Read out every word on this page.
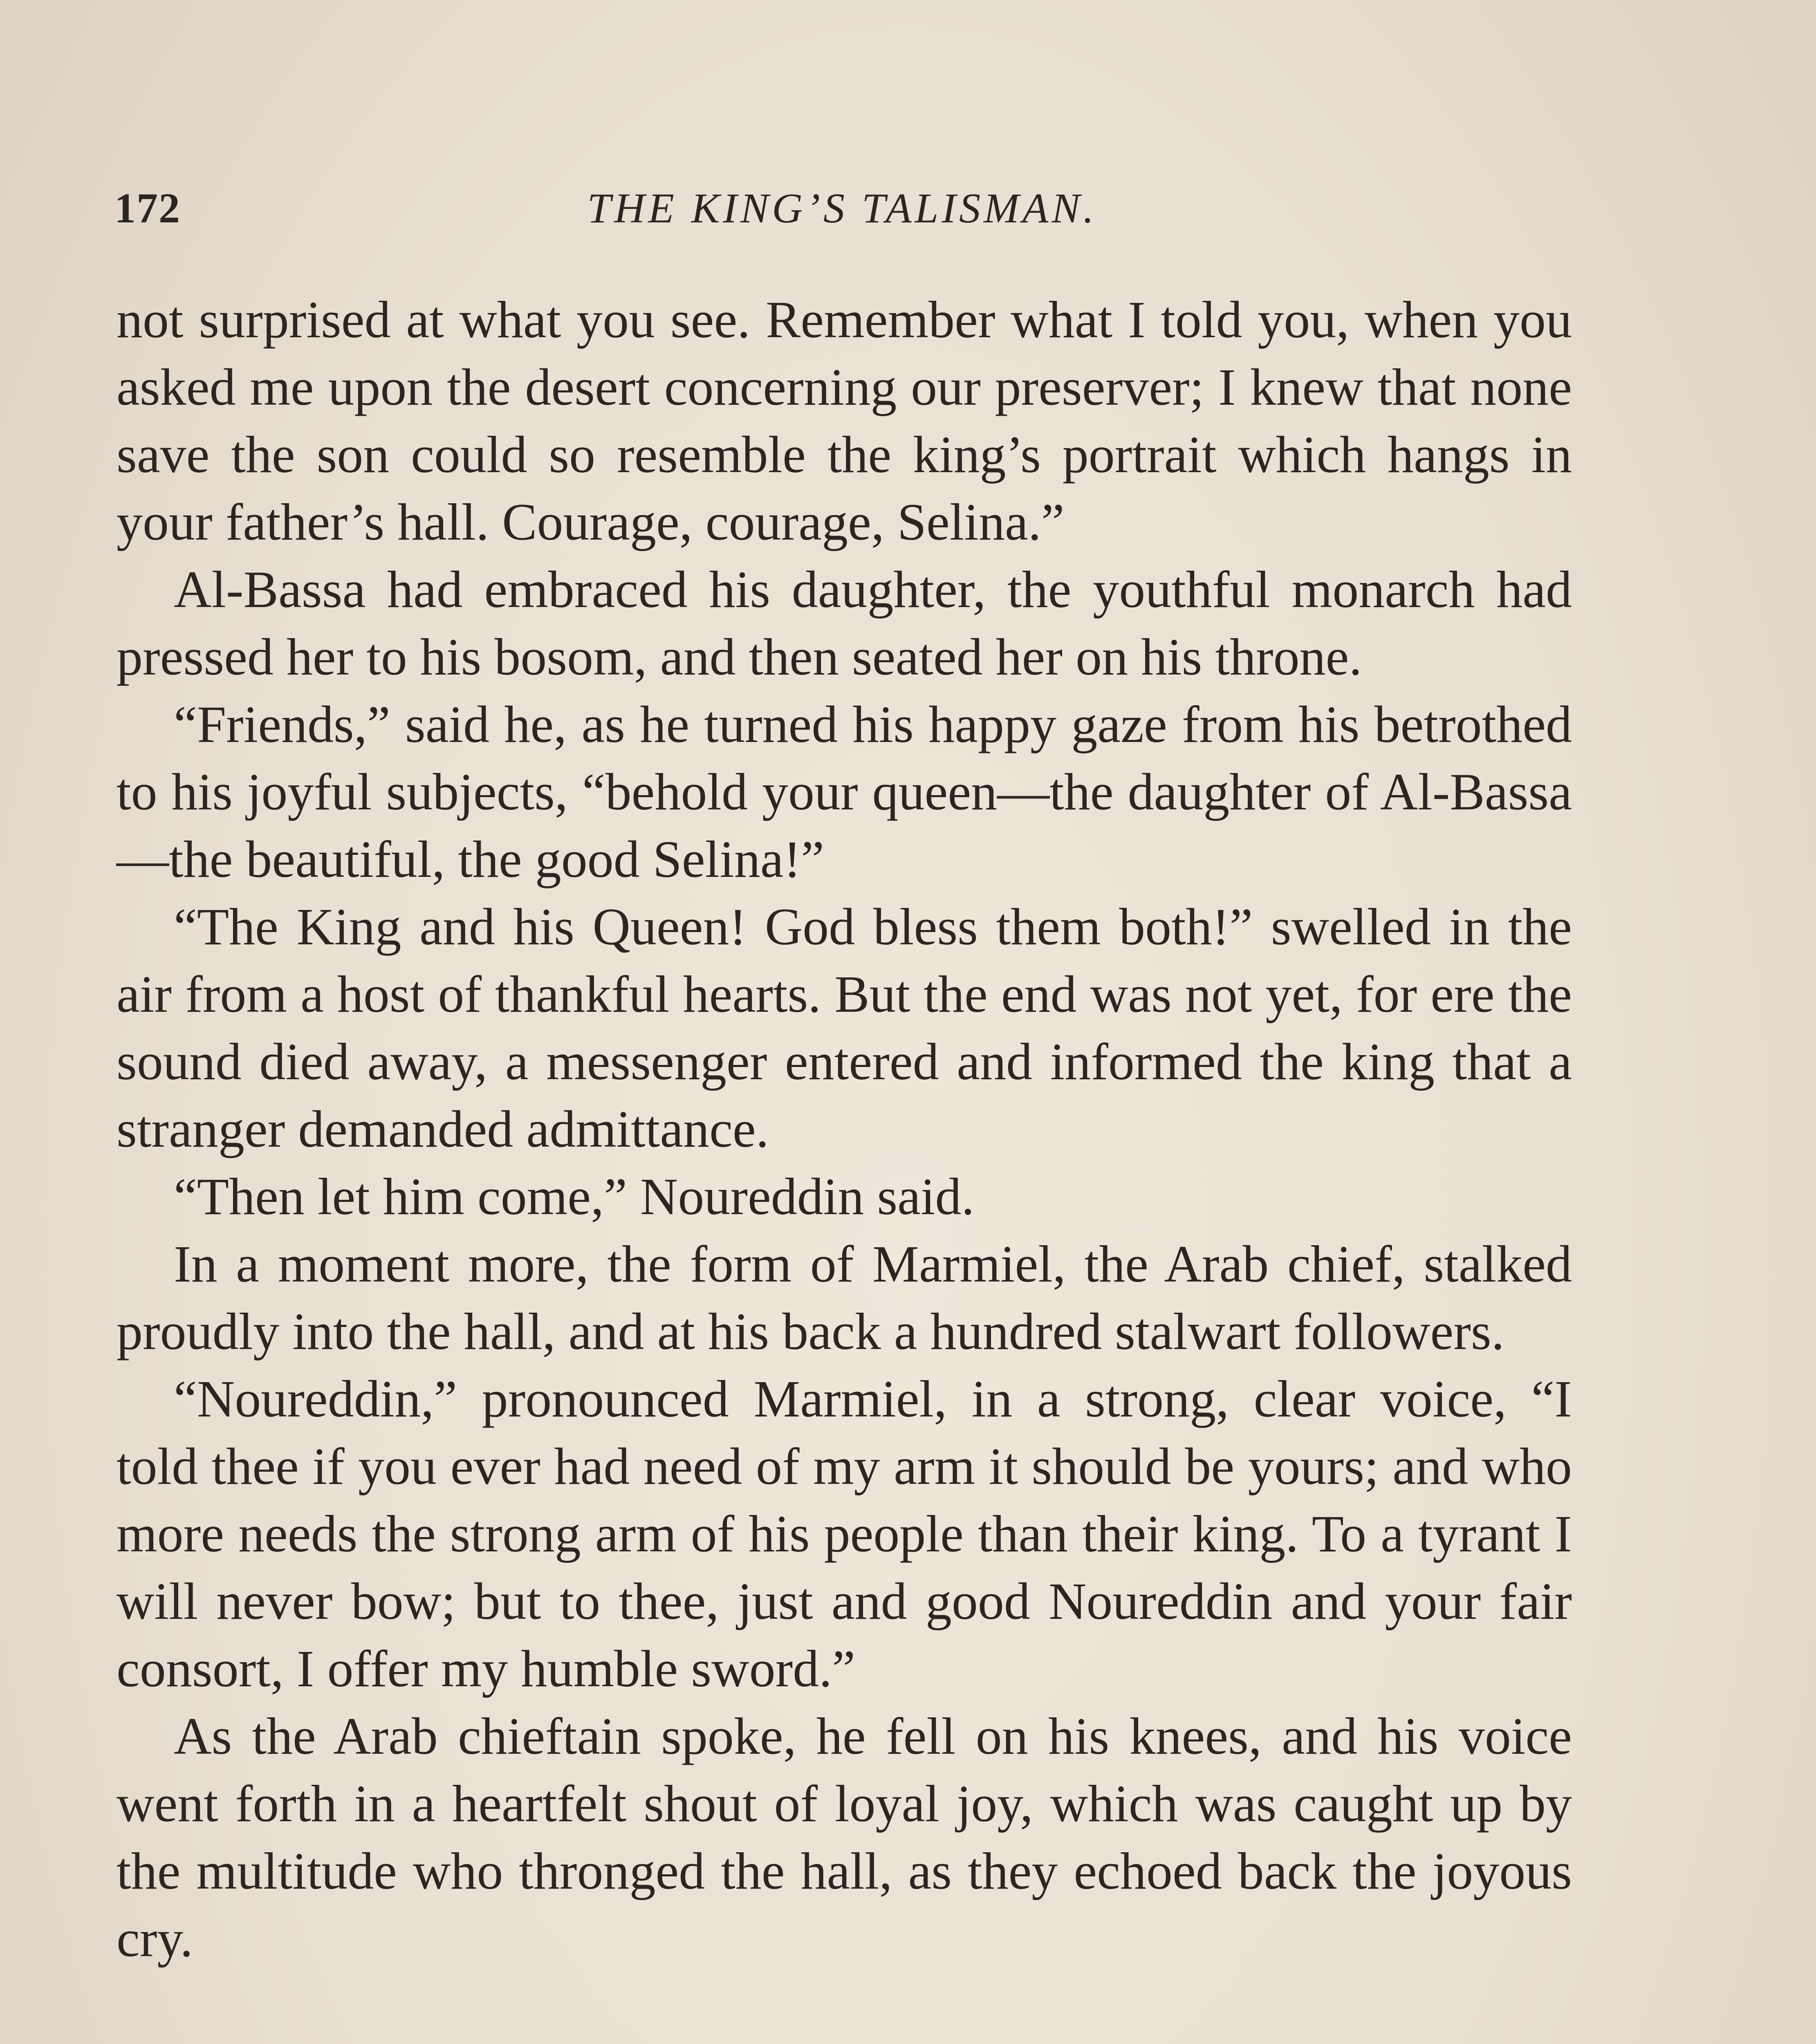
172	THE KING’S TALISMAN.

not surprised at what you see. Remember what I told you, when you asked me upon the desert concerning our preserver; I knew that none save the son could so resemble the king’s portrait which hangs in your father’s hall. Courage, courage, Selina.”

Al-Bassa had embraced his daughter, the youthful monarch had pressed her to his bosom, and then seated her on his throne.

“Friends,” said he, as he turned his happy gaze from his betrothed to his joyful subjects, “behold your queen—the daughter of Al-Bassa—the beautiful, the good Selina!”

“The King and his Queen! God bless them both!” swelled in the air from a host of thankful hearts. But the end was not yet, for ere the sound died away, a messenger entered and informed the king that a stranger demanded admittance.

“Then let him come,” Noureddin said.

In a moment more, the form of Marmiel, the Arab chief, stalked proudly into the hall, and at his back a hundred stalwart followers.

“Noureddin,” pronounced Marmiel, in a strong, clear voice, “I told thee if you ever had need of my arm it should be yours; and who more needs the strong arm of his people than their king. To a tyrant I will never bow; but to thee, just and good Noureddin and your fair consort, I offer my humble sword.”

As the Arab chieftain spoke, he fell on his knees, and his voice went forth in a heartfelt shout of loyal joy, which was caught up by the multitude who thronged the hall, as they echoed back the joyous cry.
